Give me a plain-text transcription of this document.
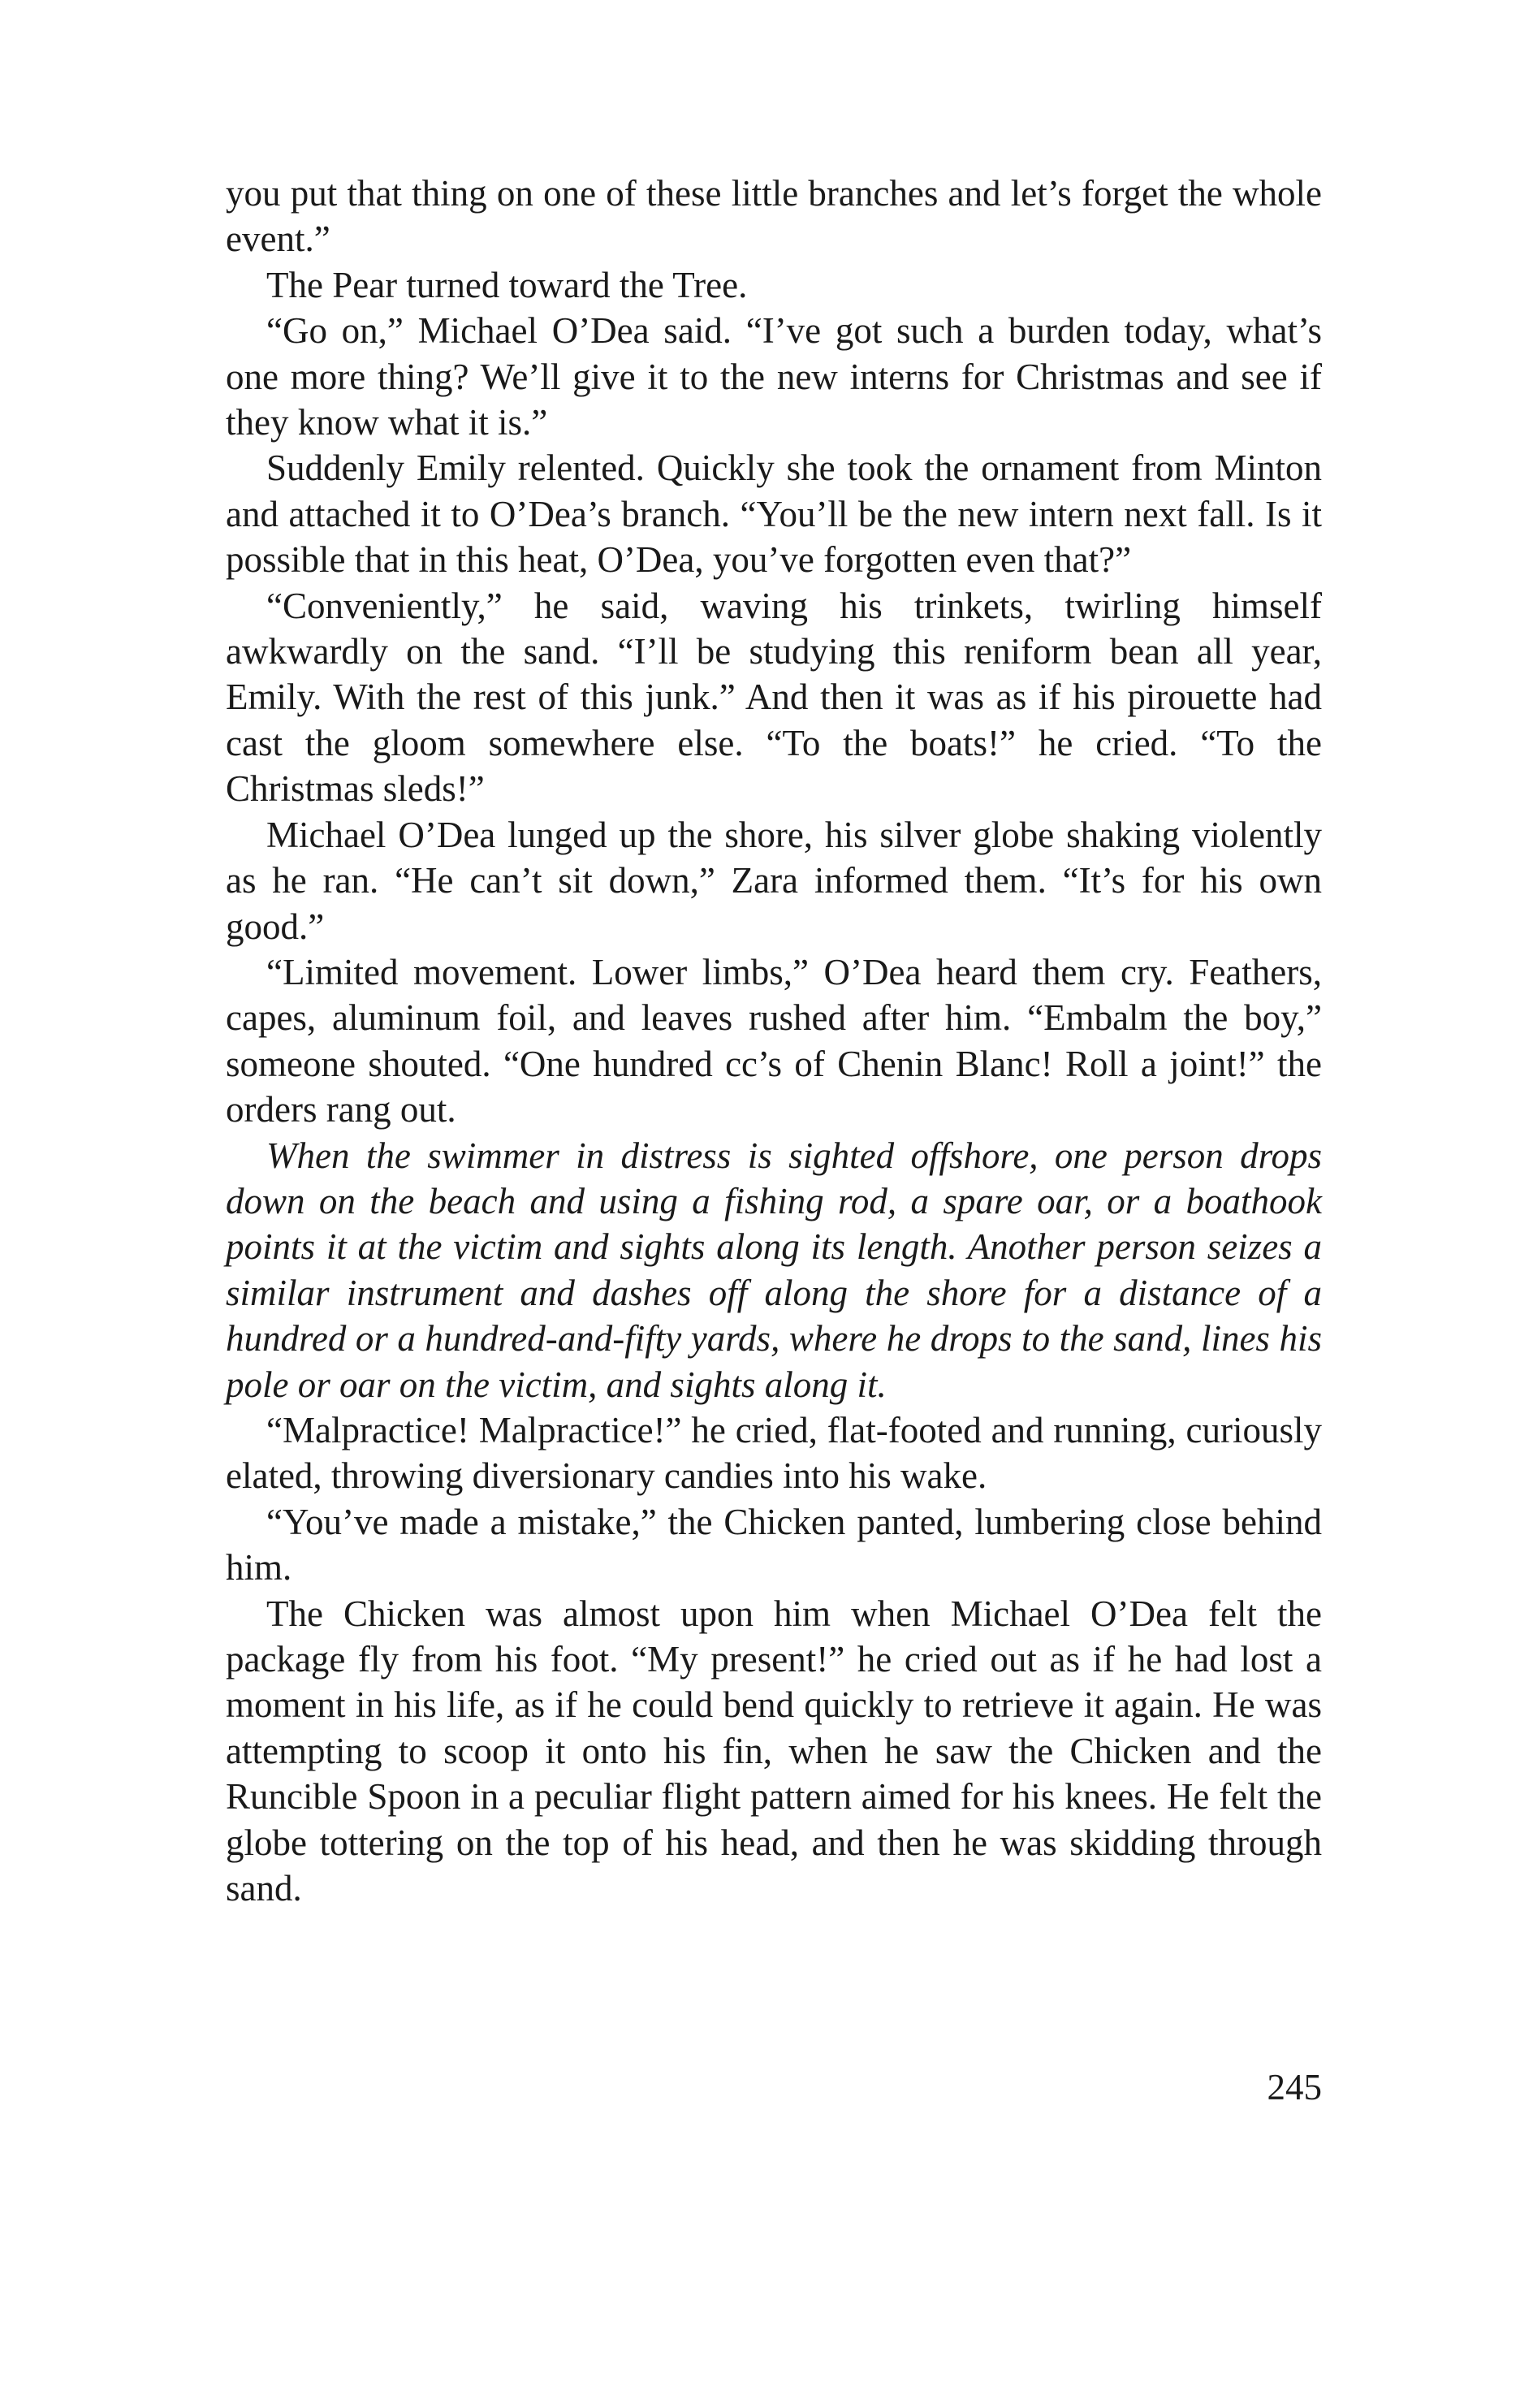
you put that thing on one of these little branches and let’s forget the whole event.”

The Pear turned toward the Tree.

“Go on,” Michael O’Dea said. “I’ve got such a burden today, what’s one more thing? We’ll give it to the new interns for Christmas and see if they know what it is.”

Suddenly Emily relented. Quickly she took the ornament from Minton and attached it to O’Dea’s branch. “You’ll be the new intern next fall. Is it possible that in this heat, O’Dea, you’ve forgotten even that?”

“Conveniently,” he said, waving his trinkets, twirling himself awkwardly on the sand. “I’ll be studying this reniform bean all year, Emily. With the rest of this junk.” And then it was as if his pirouette had cast the gloom somewhere else. “To the boats!” he cried. “To the Christmas sleds!”

Michael O’Dea lunged up the shore, his silver globe shaking violently as he ran. “He can’t sit down,” Zara informed them. “It’s for his own good.”

“Limited movement. Lower limbs,” O’Dea heard them cry. Feathers, capes, aluminum foil, and leaves rushed after him. “Embalm the boy,” someone shouted. “One hundred cc’s of Chenin Blanc! Roll a joint!” the orders rang out.

When the swimmer in distress is sighted offshore, one person drops down on the beach and using a fishing rod, a spare oar, or a boathook points it at the victim and sights along its length. Another person seizes a similar instrument and dashes off along the shore for a distance of a hundred or a hundred-and-fifty yards, where he drops to the sand, lines his pole or oar on the victim, and sights along it.

“Malpractice! Malpractice!” he cried, flat-footed and running, curiously elated, throwing diversionary candies into his wake.

“You’ve made a mistake,” the Chicken panted, lumbering close behind him.

The Chicken was almost upon him when Michael O’Dea felt the package fly from his foot. “My present!” he cried out as if he had lost a moment in his life, as if he could bend quickly to retrieve it again. He was attempting to scoop it onto his fin, when he saw the Chicken and the Runcible Spoon in a peculiar flight pattern aimed for his knees. He felt the globe tottering on the top of his head, and then he was skidding through sand.

245
